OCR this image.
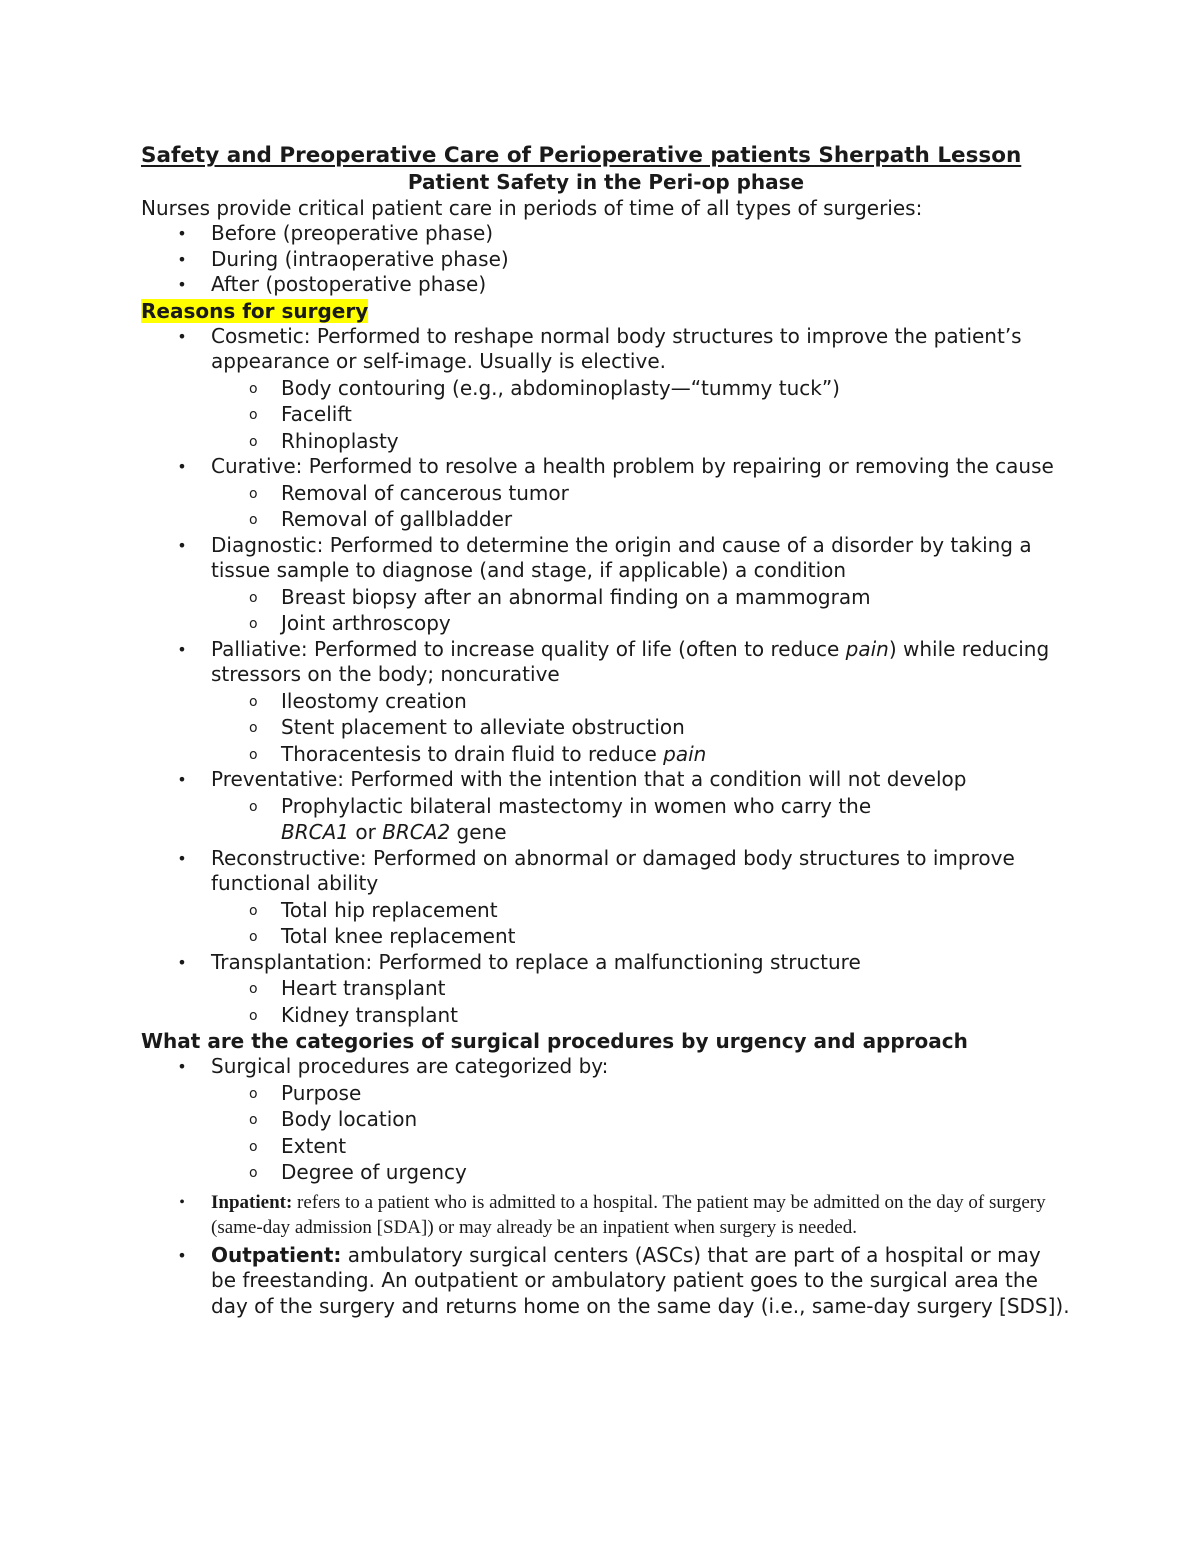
Safety and Preoperative Care of Perioperative patients Sherpath Lesson
Patient Safety in the Peri-op phase

Nurses provide critical patient care in periods of time of all types of surgeries:

• Before (preoperative phase)
• During (intraoperative phase)
• After (postoperative phase)

Reasons for surgery

• Cosmetic: Performed to reshape normal body structures to improve the patient’s appearance or self-image. Usually is elective.
o Body contouring (e.g., abdominoplasty—“tummy tuck”)
o Facelift
o Rhinoplasty
• Curative: Performed to resolve a health problem by repairing or removing the cause
o Removal of cancerous tumor
o Removal of gallbladder
• Diagnostic: Performed to determine the origin and cause of a disorder by taking a tissue sample to diagnose (and stage, if applicable) a condition
o Breast biopsy after an abnormal finding on a mammogram
o Joint arthroscopy
• Palliative: Performed to increase quality of life (often to reduce pain) while reducing stressors on the body; noncurative
o Ileostomy creation
o Stent placement to alleviate obstruction
o Thoracentesis to drain fluid to reduce pain
• Preventative: Performed with the intention that a condition will not develop
o Prophylactic bilateral mastectomy in women who carry the BRCA1 or BRCA2 gene
• Reconstructive: Performed on abnormal or damaged body structures to improve functional ability
o Total hip replacement
o Total knee replacement
• Transplantation: Performed to replace a malfunctioning structure
o Heart transplant
o Kidney transplant

What are the categories of surgical procedures by urgency and approach

• Surgical procedures are categorized by:
o Purpose
o Body location
o Extent
o Degree of urgency
• Inpatient: refers to a patient who is admitted to a hospital. The patient may be admitted on the day of surgery (same-day admission [SDA]) or may already be an inpatient when surgery is needed.
• Outpatient: ambulatory surgical centers (ASCs) that are part of a hospital or may be freestanding. An outpatient or ambulatory patient goes to the surgical area the day of the surgery and returns home on the same day (i.e., same-day surgery [SDS]).
